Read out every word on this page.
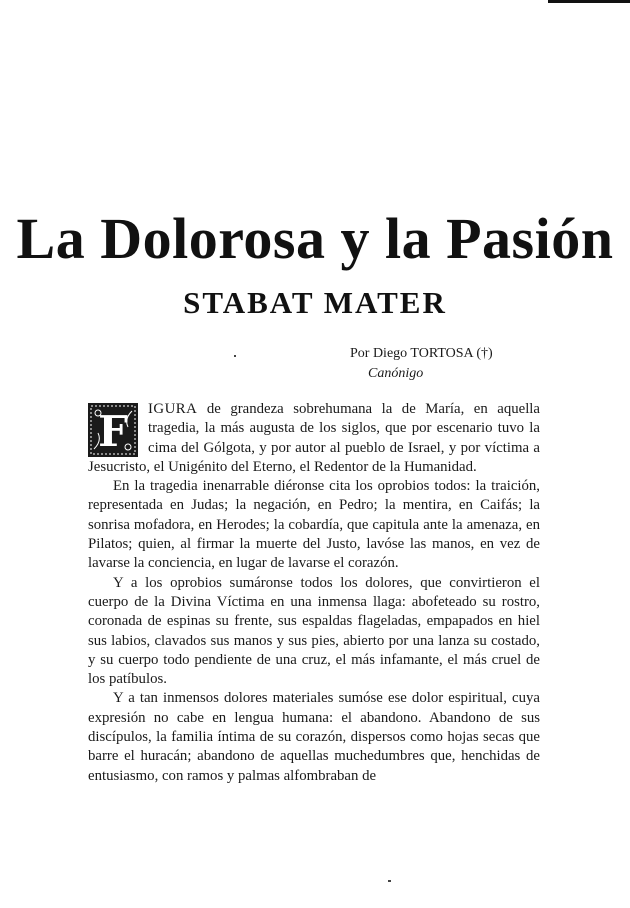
La Dolorosa y la Pasión
STABAT MATER
Por Diego TORTOSA (†)
Canónigo

F	IGURA de grandeza sobrehumana la de María, en aquella tragedia, la más augusta de los siglos, que por escenario tuvo la cima del Gólgota, y por autor al pueblo de Israel, y por víctima a Jesucristo, el Unigénito del Eterno, el Redentor de la Humanidad.

En la tragedia inenarrable diéronse cita los oprobios todos: la traición, representada en Judas; la negación, en Pedro; la mentira, en Caifás; la sonrisa mofadora, en Herodes; la cobardía, que capitula ante la amenaza, en Pilatos; quien, al firmar la muerte del Justo, lavóse las manos, en vez de lavarse la conciencia, en lugar de lavarse el corazón.

Y a los oprobios sumáronse todos los dolores, que convirtieron el cuerpo de la Divina Víctima en una inmensa llaga: abofeteado su rostro, coronada de espinas su frente, sus espaldas flageladas, empapados en hiel sus labios, clavados sus manos y sus pies, abierto por una lanza su costado, y su cuerpo todo pendiente de una cruz, el más infamante, el más cruel de los patíbulos.

Y a tan inmensos dolores materiales sumóse ese dolor espiritual, cuya expresión no cabe en lengua humana: el abandono. Abandono de sus discípulos, la familia íntima de su corazón, dispersos como hojas secas que barre el huracán; abandono de aquellas muchedumbres que, henchidas de entusiasmo, con ramos y palmas alfombraban de
